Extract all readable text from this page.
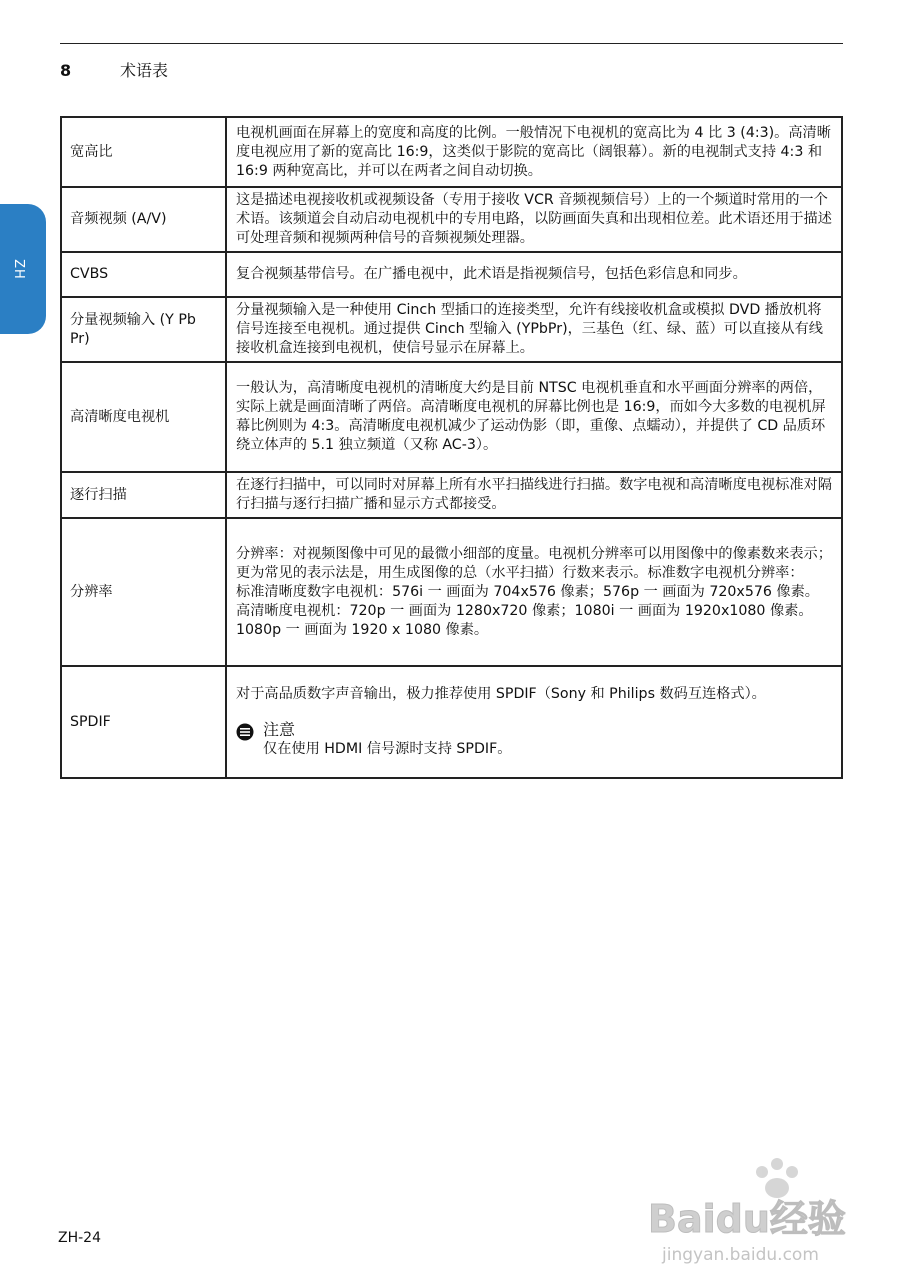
8	术语表
ZH
宽高比	电视机画面在屏幕上的宽度和高度的比例。一般情况下电视机的宽高比为 4 比 3 (4:3)。高清晰度电视应用了新的宽高比 16:9，这类似于影院的宽高比（阔银幕）。新的电视制式支持 4:3 和 16:9 两种宽高比，并可以在两者之间自动切换。

音频视频 (A/V)	这是描述电视接收机或视频设备（专用于接收 VCR 音频视频信号）上的一个频道时常用的一个术语。该频道会自动启动电视机中的专用电路，以防画面失真和出现相位差。此术语还用于描述可处理音频和视频两种信号的音频视频处理器。

CVBS	复合视频基带信号。在广播电视中，此术语是指视频信号，包括色彩信息和同步。

分量视频输入 (Y Pb Pr)	分量视频输入是一种使用 Cinch 型插口的连接类型，允许有线接收机盒或模拟 DVD 播放机将信号连接至电视机。通过提供 Cinch 型输入 (YPbPr)，三基色（红、绿、蓝）可以直接从有线接收机盒连接到电视机，使信号显示在屏幕上。

高清晰度电视机	一般认为，高清晰度电视机的清晰度大约是目前 NTSC 电视机垂直和水平画面分辨率的两倍，实际上就是画面清晰了两倍。高清晰度电视机的屏幕比例也是 16:9，而如今大多数的电视机屏幕比例则为 4:3。高清晰度电视机减少了运动伪影（即，重像、点蠕动），并提供了 CD 品质环绕立体声的 5.1 独立频道（又称 AC-3）。

逐行扫描	在逐行扫描中，可以同时对屏幕上所有水平扫描线进行扫描。数字电视和高清晰度电视标准对隔行扫描与逐行扫描广播和显示方式都接受。

分辨率	分辨率：对视频图像中可见的最微小细部的度量。电视机分辨率可以用图像中的像素数来表示；更为常见的表示法是，用生成图像的总（水平扫描）行数来表示。标准数字电视机分辨率：
标准清晰度数字电视机：576i 一 画面为 704x576 像素；576p 一 画面为 720x576 像素。
高清晰度电视机：720p 一 画面为 1280x720 像素；1080i 一 画面为 1920x1080 像素。1080p 一 画面为 1920 x 1080 像素。

SPDIF	对于高品质数字声音输出，极力推荐使用 SPDIF（Sony 和 Philips 数码互连格式）。
注意
仅在使用 HDMI 信号源时支持 SPDIF。
ZH-24	Baidu经验
jingyan.baidu.com
